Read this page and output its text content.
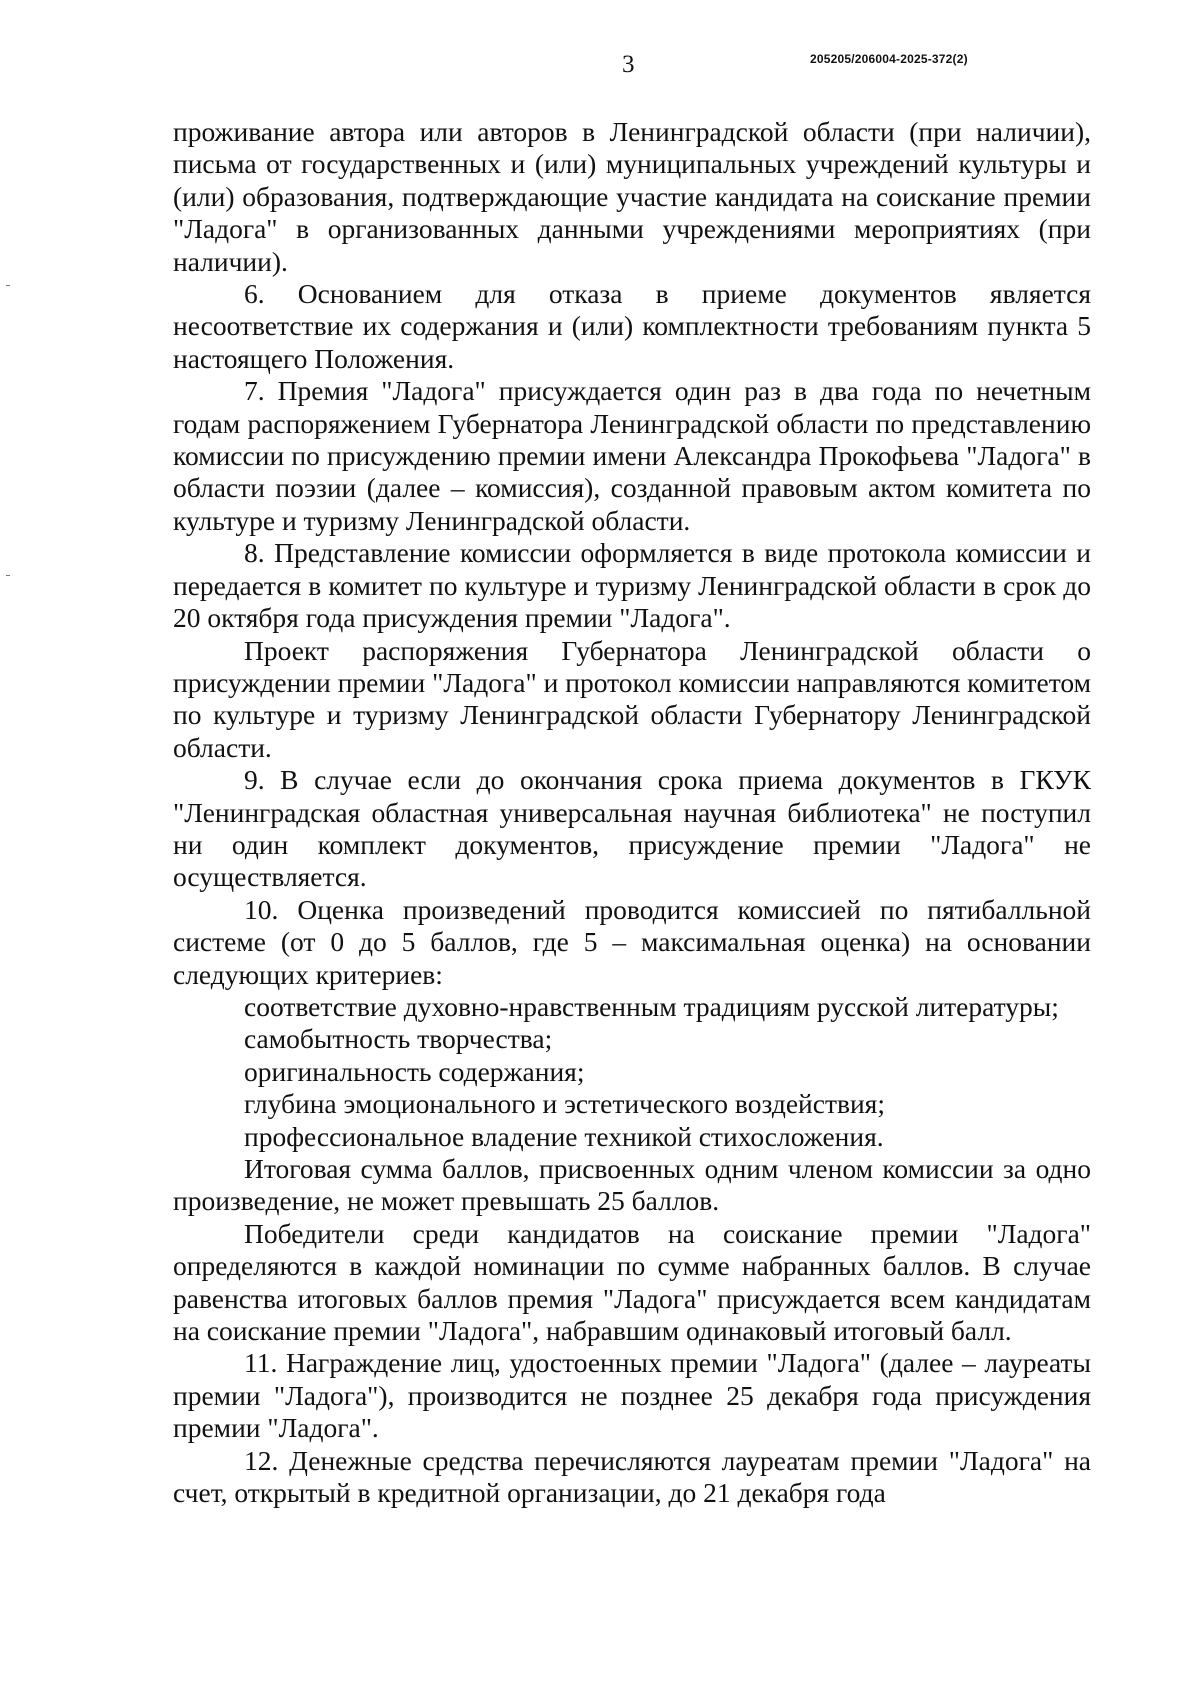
3	205205/206004-2025-372(2)

проживание автора или авторов в Ленинградской области (при наличии), письма от государственных и (или) муниципальных учреждений культуры и (или) образования, подтверждающие участие кандидата на соискание премии "Ладога" в организованных данными учреждениями мероприятиях (при наличии).

6. Основанием для отказа в приеме документов является несоответствие их содержания и (или) комплектности требованиям пункта 5 настоящего Положения.

7. Премия "Ладога" присуждается один раз в два года по нечетным годам распоряжением Губернатора Ленинградской области по представлению комиссии по присуждению премии имени Александра Прокофьева "Ладога" в области поэзии (далее – комиссия), созданной правовым актом комитета по культуре и туризму Ленинградской области.

8. Представление комиссии оформляется в виде протокола комиссии и передается в комитет по культуре и туризму Ленинградской области в срок до 20 октября года присуждения премии "Ладога".

Проект распоряжения Губернатора Ленинградской области о присуждении премии "Ладога" и протокол комиссии направляются комитетом по культуре и туризму Ленинградской области Губернатору Ленинградской области.

9. В случае если до окончания срока приема документов в ГКУК "Ленинградская областная универсальная научная библиотека" не поступил ни один комплект документов, присуждение премии "Ладога" не осуществляется.

10. Оценка произведений проводится комиссией по пятибалльной системе (от 0 до 5 баллов, где 5 – максимальная оценка) на основании следующих критериев:

соответствие духовно-нравственным традициям русской литературы;

самобытность творчества;

оригинальность содержания;

глубина эмоционального и эстетического воздействия;

профессиональное владение техникой стихосложения.

Итоговая сумма баллов, присвоенных одним членом комиссии за одно произведение, не может превышать 25 баллов.

Победители среди кандидатов на соискание премии "Ладога" определяются в каждой номинации по сумме набранных баллов. В случае равенства итоговых баллов премия "Ладога" присуждается всем кандидатам на соискание премии "Ладога", набравшим одинаковый итоговый балл.

11. Награждение лиц, удостоенных премии "Ладога" (далее – лауреаты премии "Ладога"), производится не позднее 25 декабря года присуждения премии "Ладога".

12. Денежные средства перечисляются лауреатам премии "Ладога" на счет, открытый в кредитной организации, до 21 декабря года
